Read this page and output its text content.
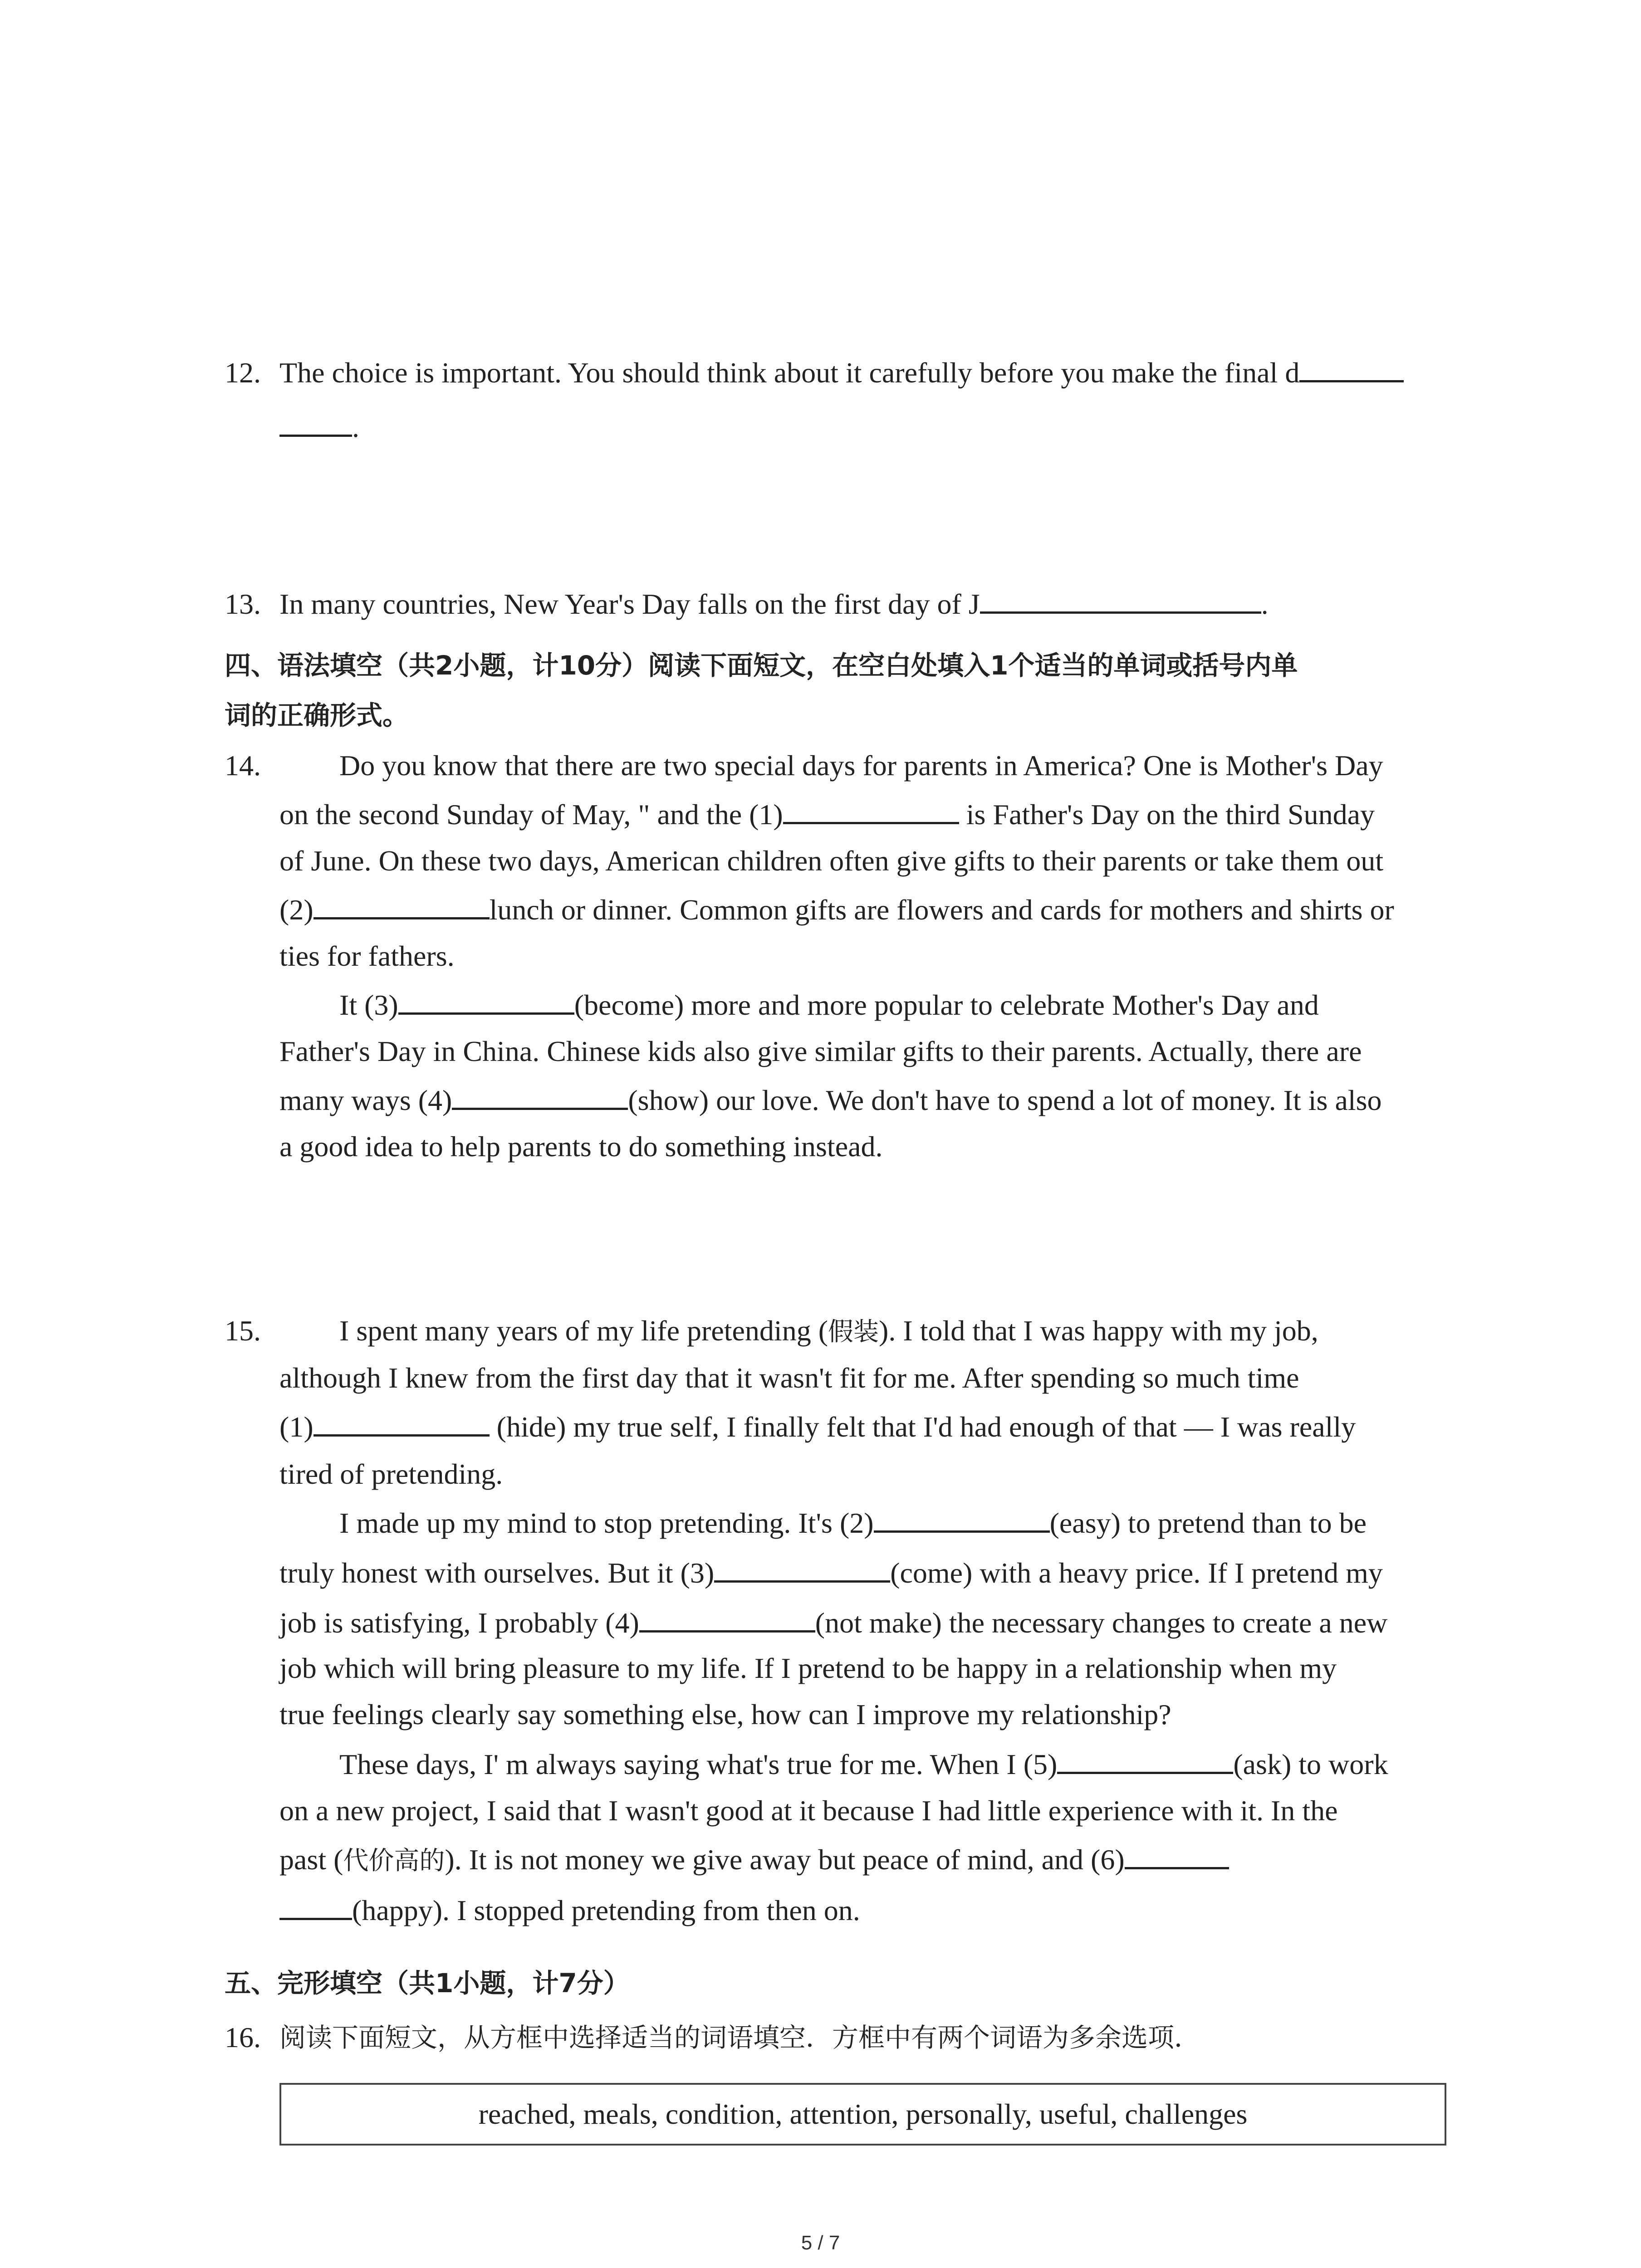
12. The choice is important. You should think about it carefully before you make the final d
.
13. In many countries, New Year's Day falls on the first day of J	.
四、语法填空（共2小题，计10分）阅读下面短文，在空白处填入1个适当的单词或括号内单
词的正确形式。
14.	Do you know that there are two special days for parents in America? One is Mother's Day
on the second Sunday of May, " and the (1)	is Father's Day on the third Sunday
of June. On these two days, American children often give gifts to their parents or take them out
(2)	lunch or dinner. Common gifts are flowers and cards for mothers and shirts or
ties for fathers.
It (3)	(become) more and more popular to celebrate Mother's Day and
Father's Day in China. Chinese kids also give similar gifts to their parents. Actually, there are
many ways (4)	(show) our love. We don't have to spend a lot of money. It is also
a good idea to help parents to do something instead.
15.	I spent many years of my life pretending (假装). I told that I was happy with my job,
although I knew from the first day that it wasn't fit for me. After spending so much time
(1)	(hide) my true self, I finally felt that I'd had enough of that — I was really
tired of pretending.
I made up my mind to stop pretending. It's (2)	(easy) to pretend than to be
truly honest with ourselves. But it (3)	(come) with a heavy price. If I pretend my
job is satisfying, I probably (4)	(not make) the necessary changes to create a new
job which will bring pleasure to my life. If I pretend to be happy in a relationship when my
true feelings clearly say something else, how can I improve my relationship?
These days, I' m always saying what's true for me. When I (5)	(ask) to work
on a new project, I said that I wasn't good at it because I had little experience with it. In the
past (代价高的). It is not money we give away but peace of mind, and (6)
(happy). I stopped pretending from then on.
五、完形填空（共1小题，计7分）
16. 阅读下面短文，从方框中选择适当的词语填空．方框中有两个词语为多余选项．
reached, meals, condition, attention, personally, useful, challenges
5 / 7
